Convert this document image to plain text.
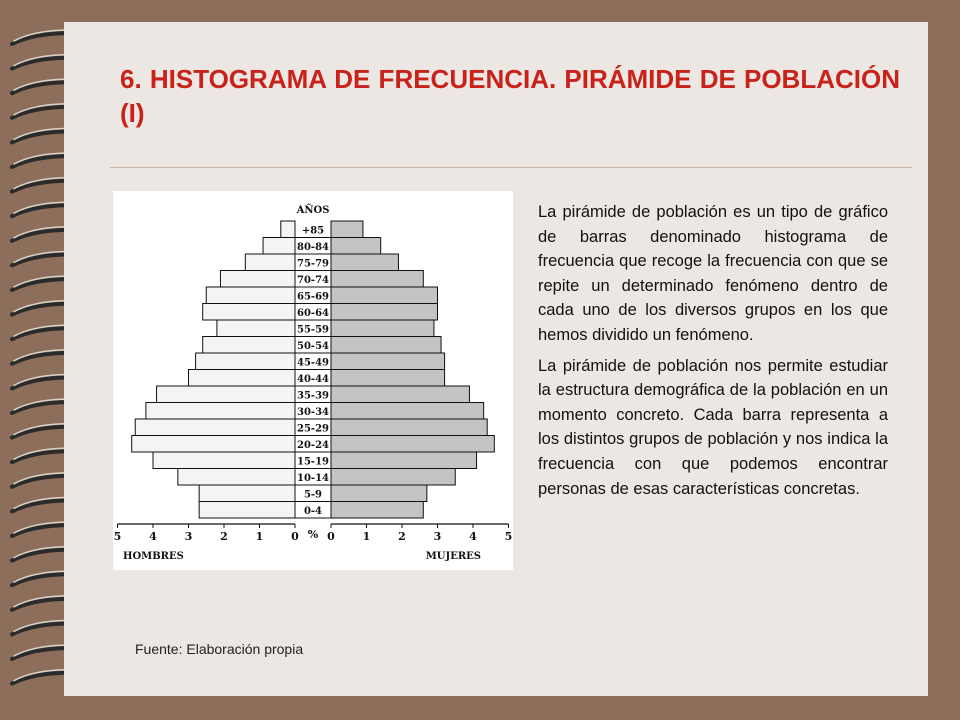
6. HISTOGRAMA DE FRECUENCIA. PIRÁMIDE DE POBLACIÓN (I)
AÑOS
+85
80-84
75-79
70-74
65-69
60-64
55-59
50-54
45-49
40-44
35-39
30-34
25-29
20-24
15-19
10-14
5-9
0-4
5	4	3	2	1	0	0	1	2	3	4	5
%
HOMBRES	MUJERES
Fuente: Elaboración propia

La pirámide de población es un tipo de gráfico de barras denominado histograma de frecuencia que recoge la frecuencia con que se repite un determinado fenómeno dentro de cada uno de los diversos grupos en los que hemos dividido un fenómeno.

La pirámide de población nos permite estudiar la estructura demográfica de la población en un momento concreto. Cada barra representa a los distintos grupos de población y nos indica la frecuencia con que podemos encontrar personas de esas características concretas.
